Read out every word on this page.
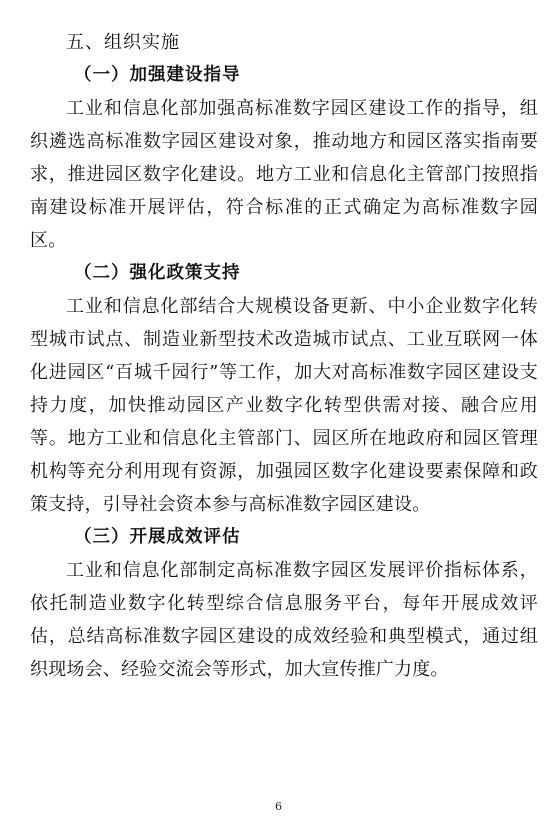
五、组织实施
（一）加强建设指导

工业和信息化部加强高标准数字园区建设工作的指导，组织遴选高标准数字园区建设对象，推动地方和园区落实指南要求，推进园区数字化建设。地方工业和信息化主管部门按照指南建设标准开展评估，符合标准的正式确定为高标准数字园区。

（二）强化政策支持

工业和信息化部结合大规模设备更新、中小企业数字化转型城市试点、制造业新型技术改造城市试点、工业互联网一体化进园区“百城千园行”等工作，加大对高标准数字园区建设支持力度，加快推动园区产业数字化转型供需对接、融合应用等。地方工业和信息化主管部门、园区所在地政府和园区管理机构等充分利用现有资源，加强园区数字化建设要素保障和政策支持，引导社会资本参与高标准数字园区建设。

（三）开展成效评估

工业和信息化部制定高标准数字园区发展评价指标体系，依托制造业数字化转型综合信息服务平台，每年开展成效评估，总结高标准数字园区建设的成效经验和典型模式，通过组织现场会、经验交流会等形式，加大宣传推广力度。

6
